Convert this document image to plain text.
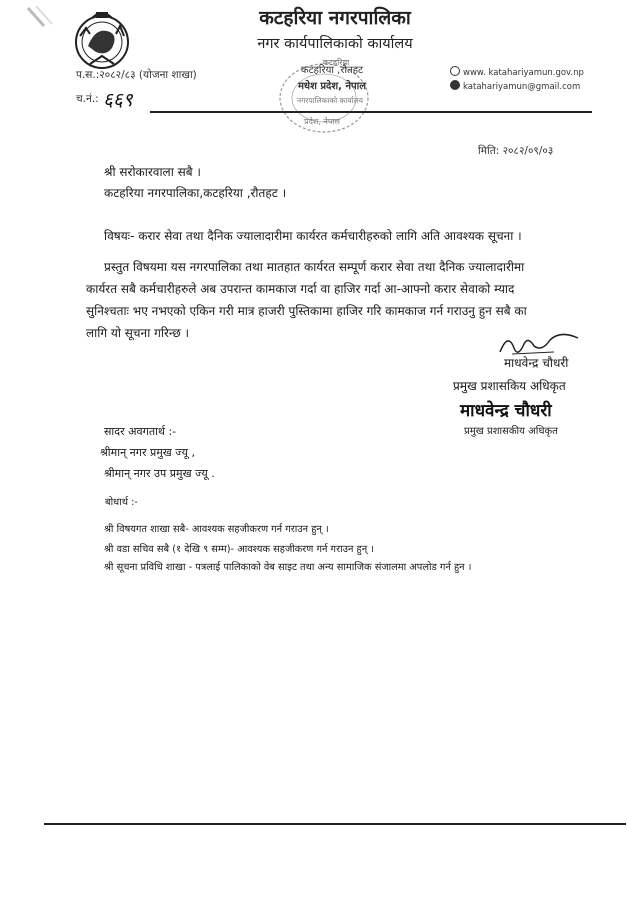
कटहरिया नगरपालिका
नगर कार्यपालिकाको कार्यालय
प.स.:२०८२/८३ (योजना शाखा)
च.नं.: ६६९
कटहरिया
नगरपालिकाको कार्यालय
प्रदेश, नेपाल
कटहरिया ,रौतहट
मधेश प्रदेश, नेपाल
www. katahariyamun.gov.np
katahariyamun@gmail.com
मिति: २०८२/०९/०३
श्री सरोकारवाला सबै ।
कटहरिया नगरपालिका,कटहरिया ,रौतहट ।
विषयः- करार सेवा तथा दैनिक ज्यालादारीमा कार्यरत कर्मचारीहरुको लागि अति आवश्यक सूचना ।
प्रस्तुत विषयमा यस नगरपालिका तथा मातहात कार्यरत सम्पूर्ण करार सेवा तथा दैनिक ज्यालादारीमा
कार्यरत सबै कर्मचारीहरुले अब उपरान्त कामकाज गर्दा वा हाजिर गर्दा आ-आफ्नो करार सेवाको म्याद
सुनिश्चताः भए नभएको एकिन गरी मात्र हाजरी पुस्तिकामा हाजिर गरि कामकाज गर्न गराउनु हुन सबै का
लागि यो सूचना गरिन्छ ।
माधवेन्द्र चौधरी
प्रमुख प्रशासकिय अधिकृत
माधवेन्द्र चौधरी
प्रमुख प्रशासकीय अधिकृत
सादर अवगतार्थ :-
श्रीमान् नगर प्रमुख ज्यू ,
श्रीमान् नगर उप प्रमुख ज्यू .
बोधार्थ :-
श्री विषयगत शाखा सबै- आवश्यक सहजीकरण गर्न गराउन हुन् ।
श्री वडा सचिव सबै (१ देखि ९ सम्म)- आवश्यक सहजीकरण गर्न गराउन हुन् ।
श्री सूचना प्रविधि शाखा - पत्रलाई पालिकाको वेब साइट तथा अन्य सामाजिक संजालमा अपलोड गर्न हुन ।
